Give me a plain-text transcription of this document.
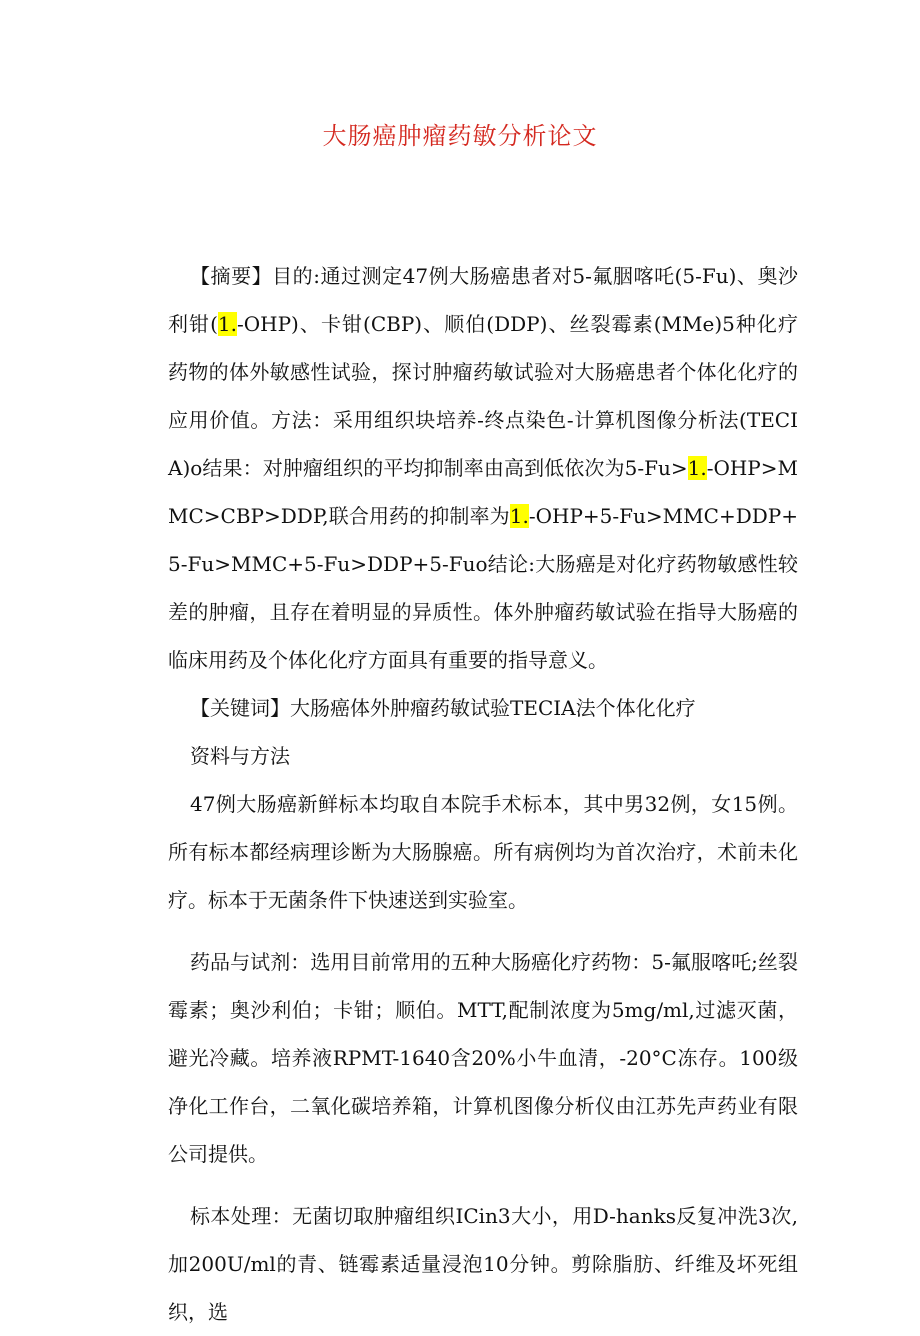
大肠癌肿瘤药敏分析论文

【摘要】目的:通过测定47例大肠癌患者对5-氟胭喀吒(5-Fu)、奥沙利钳(1.-OHP)、卡钳(CBP)、顺伯(DDP)、丝裂霉素(MMe)5种化疗药物的体外敏感性试验，探讨肿瘤药敏试验对大肠癌患者个体化化疗的应用价值。方法：采用组织块培养-终点染色-计算机图像分析法(TECIA)o结果：对肿瘤组织的平均抑制率由高到低依次为5-Fu>1.-OHP>MMC>CBP>DDP,联合用药的抑制率为1.-OHP+5-Fu>MMC+DDP+5-Fu>MMC+5-Fu>DDP+5-Fuo结论:大肠癌是对化疗药物敏感性较差的肿瘤，且存在着明显的异质性。体外肿瘤药敏试验在指导大肠癌的临床用药及个体化化疗方面具有重要的指导意义。

【关键词】大肠癌体外肿瘤药敏试验TECIA法个体化化疗

资料与方法

47例大肠癌新鲜标本均取自本院手术标本，其中男32例，女15例。所有标本都经病理诊断为大肠腺癌。所有病例均为首次治疗，术前未化疗。标本于无菌条件下快速送到实验室。

药品与试剂：选用目前常用的五种大肠癌化疗药物：5-氟服喀吒;丝裂霉素；奥沙利伯；卡钳；顺伯。MTT,配制浓度为5mg/ml,过滤灭菌，避光冷藏。培养液RPMT-1640含20%小牛血清，-20°C冻存。100级净化工作台，二氧化碳培养箱，计算机图像分析仪由江苏先声药业有限公司提供。

标本处理：无菌切取肿瘤组织ICin3大小，用D-hanks反复冲洗3次,加200U/ml的青、链霉素适量浸泡10分钟。剪除脂肪、纤维及坏死组织，选
